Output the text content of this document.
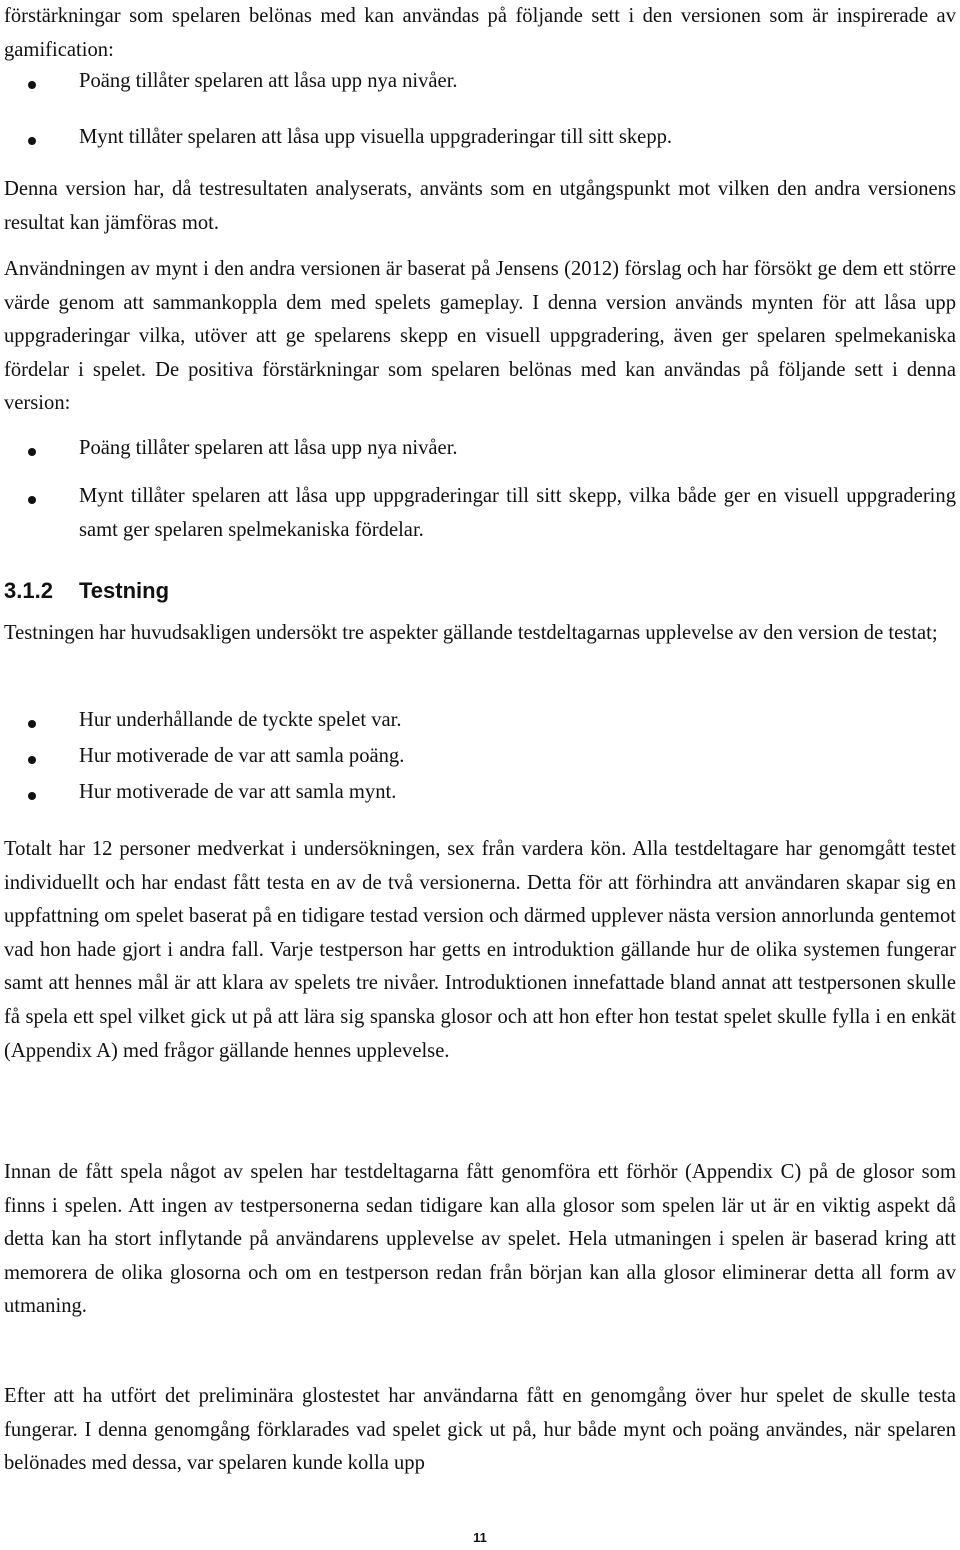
förstärkningar som spelaren belönas med kan användas på följande sett i den versionen som är inspirerade av gamification:

Poäng tillåter spelaren att låsa upp nya nivåer.

Mynt tillåter spelaren att låsa upp visuella uppgraderingar till sitt skepp.

Denna version har, då testresultaten analyserats, använts som en utgångspunkt mot vilken den andra versionens resultat kan jämföras mot.

Användningen av mynt i den andra versionen är baserat på Jensens (2012) förslag och har försökt ge dem ett större värde genom att sammankoppla dem med spelets gameplay. I denna version används mynten för att låsa upp uppgraderingar vilka, utöver att ge spelarens skepp en visuell uppgradering, även ger spelaren spelmekaniska fördelar i spelet. De positiva förstärkningar som spelaren belönas med kan användas på följande sett i denna version:

Poäng tillåter spelaren att låsa upp nya nivåer.

Mynt tillåter spelaren att låsa upp uppgraderingar till sitt skepp, vilka både ger en visuell uppgradering samt ger spelaren spelmekaniska fördelar.

3.1.2 Testning

Testningen har huvudsakligen undersökt tre aspekter gällande testdeltagarnas upplevelse av den version de testat;

Hur underhållande de tyckte spelet var.

Hur motiverade de var att samla poäng.

Hur motiverade de var att samla mynt.

Totalt har 12 personer medverkat i undersökningen, sex från vardera kön. Alla testdeltagare har genomgått testet individuellt och har endast fått testa en av de två versionerna. Detta för att förhindra att användaren skapar sig en uppfattning om spelet baserat på en tidigare testad version och därmed upplever nästa version annorlunda gentemot vad hon hade gjort i andra fall. Varje testperson har getts en introduktion gällande hur de olika systemen fungerar samt att hennes mål är att klara av spelets tre nivåer. Introduktionen innefattade bland annat att testpersonen skulle få spela ett spel vilket gick ut på att lära sig spanska glosor och att hon efter hon testat spelet skulle fylla i en enkät (Appendix A) med frågor gällande hennes upplevelse.

Innan de fått spela något av spelen har testdeltagarna fått genomföra ett förhör (Appendix C) på de glosor som finns i spelen. Att ingen av testpersonerna sedan tidigare kan alla glosor som spelen lär ut är en viktig aspekt då detta kan ha stort inflytande på användarens upplevelse av spelet. Hela utmaningen i spelen är baserad kring att memorera de olika glosorna och om en testperson redan från början kan alla glosor eliminerar detta all form av utmaning.

Efter att ha utfört det preliminära glostestet har användarna fått en genomgång över hur spelet de skulle testa fungerar. I denna genomgång förklarades vad spelet gick ut på, hur både mynt och poäng användes, när spelaren belönades med dessa, var spelaren kunde kolla upp

11
